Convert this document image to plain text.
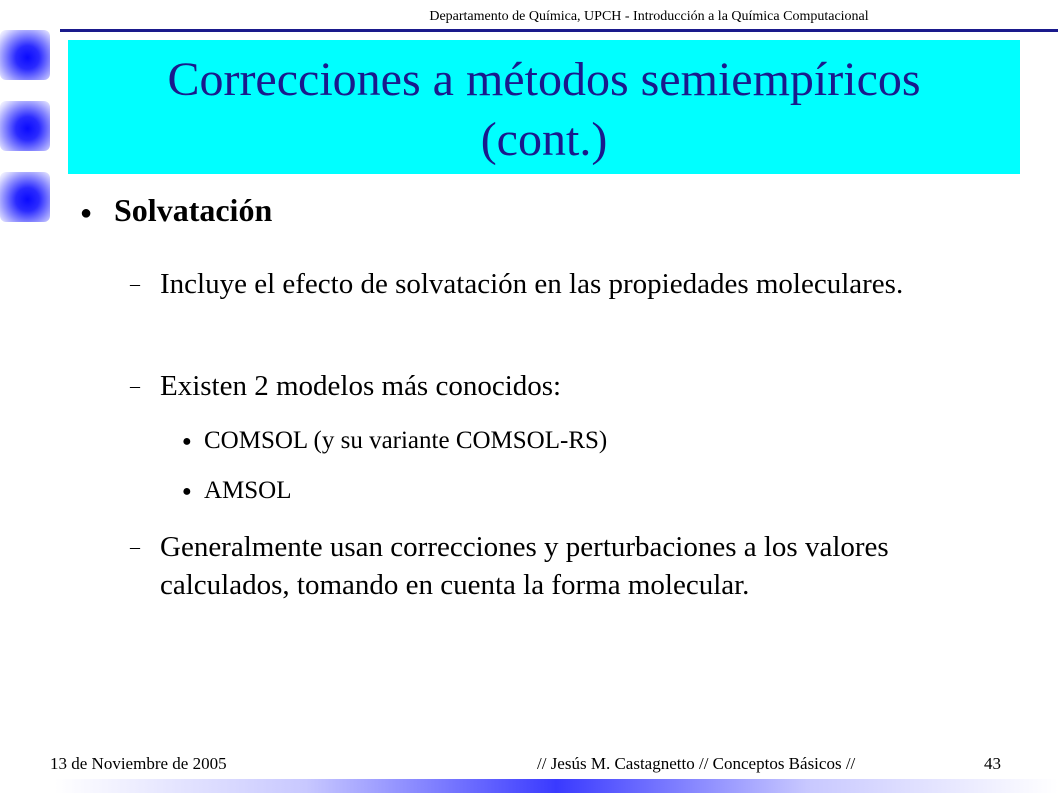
Departamento de Química, UPCH - Introducción a la Química Computacional
Correcciones a métodos semiempíricos
(cont.)
● Solvatación
– Incluye el efecto de solvatación en las propiedades moleculares.
– Existen 2 modelos más conocidos:
● COMSOL (y su variante COMSOL-RS)
● AMSOL
– Generalmente usan correcciones y perturbaciones a los valores calculados, tomando en cuenta la forma molecular.
13 de Noviembre de 2005	// Jesús M. Castagnetto // Conceptos Básicos //	43
